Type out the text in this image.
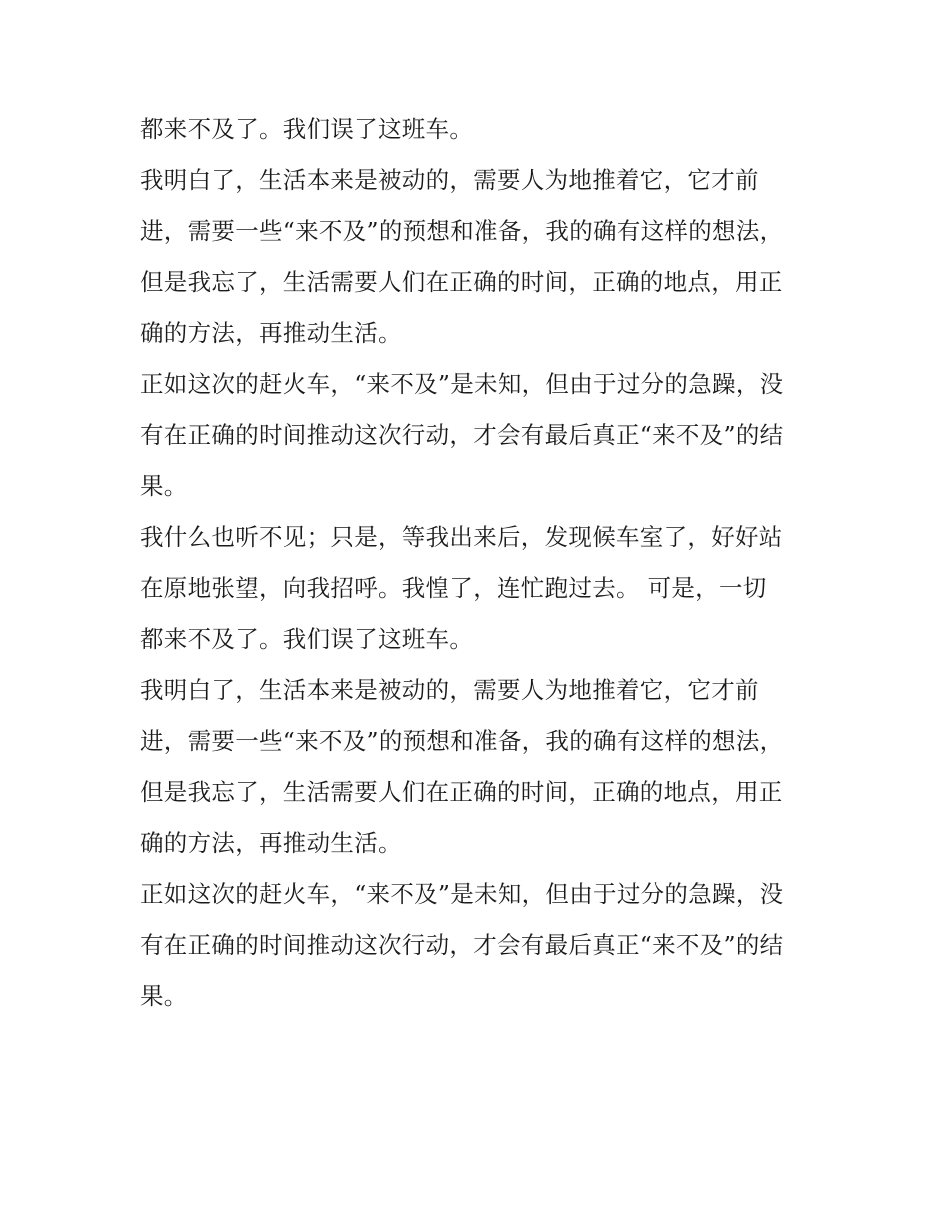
都来不及了。我们误了这班车。
我明白了，生活本来是被动的，需要人为地推着它，它才前
进，需要一些“来不及”的预想和准备，我的确有这样的想法，
但是我忘了，生活需要人们在正确的时间，正确的地点，用正
确的方法，再推动生活。
正如这次的赶火车，“来不及”是未知，但由于过分的急躁，没
有在正确的时间推动这次行动，才会有最后真正“来不及”的结
果。
我什么也听不见；只是，等我出来后，发现候车室了，好好站
在原地张望，向我招呼。我惶了，连忙跑过去。 可是，一切
都来不及了。我们误了这班车。
我明白了，生活本来是被动的，需要人为地推着它，它才前
进，需要一些“来不及”的预想和准备，我的确有这样的想法，
但是我忘了，生活需要人们在正确的时间，正确的地点，用正
确的方法，再推动生活。
正如这次的赶火车，“来不及”是未知，但由于过分的急躁，没
有在正确的时间推动这次行动，才会有最后真正“来不及”的结
果。
